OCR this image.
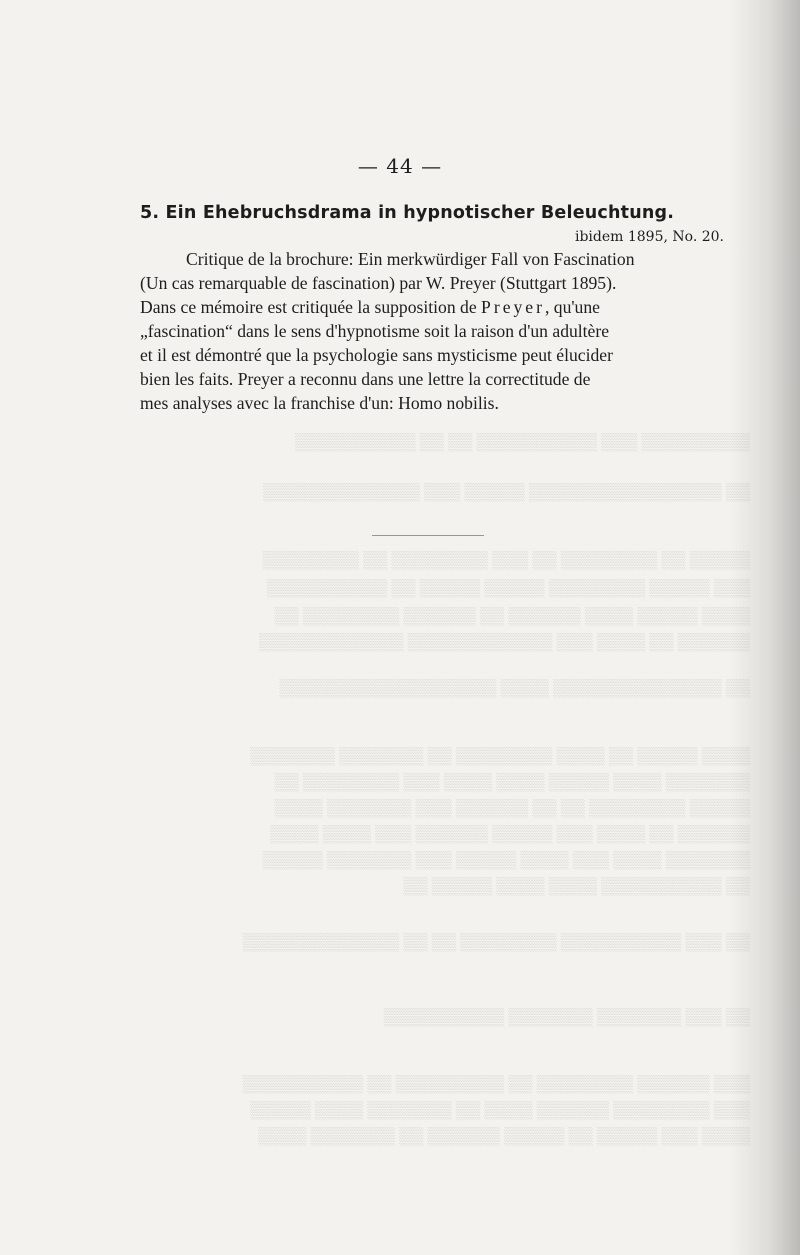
▒▒▒▒▒▒▒▒▒ ▒▒▒ ▒▒▒▒▒▒▒▒▒▒ ▒▒ ▒▒ ▒▒▒▒▒▒▒▒▒▒
▒▒ ▒▒▒▒▒▒▒▒▒▒▒▒▒▒▒▒ ▒▒▒▒▒ ▒▒▒ ▒▒▒▒▒▒▒▒▒▒▒▒▒
▒▒▒▒▒ ▒▒ ▒▒▒▒▒▒▒▒ ▒▒ ▒▒▒ ▒▒▒▒▒▒▒▒ ▒▒ ▒▒▒▒▒▒▒▒
▒▒▒ ▒▒▒▒▒ ▒▒▒▒▒▒▒▒ ▒▒▒▒▒ ▒▒▒▒▒ ▒▒ ▒▒▒▒▒▒▒▒▒▒
▒▒▒▒ ▒▒▒▒▒ ▒▒▒▒ ▒▒▒▒▒▒ ▒▒ ▒▒▒▒▒▒ ▒▒▒▒▒▒▒▒ ▒▒
▒▒▒▒▒▒ ▒▒ ▒▒▒▒ ▒▒▒ ▒▒▒▒▒▒▒▒▒▒▒▒ ▒▒▒▒▒▒▒▒▒▒▒▒
▒▒ ▒▒▒▒▒▒▒▒▒▒▒▒▒▒ ▒▒▒▒ ▒▒▒▒▒▒▒▒▒▒▒▒▒▒▒▒▒▒
▒▒▒▒ ▒▒▒▒▒ ▒▒ ▒▒▒▒ ▒▒▒▒▒▒▒▒ ▒▒ ▒▒▒▒▒▒▒ ▒▒▒▒▒▒▒
▒▒▒▒▒▒▒ ▒▒▒▒ ▒▒▒▒▒ ▒▒▒▒ ▒▒▒▒ ▒▒▒ ▒▒▒▒▒▒▒▒ ▒▒
▒▒▒▒▒ ▒▒▒▒▒▒▒▒ ▒▒ ▒▒ ▒▒▒▒▒▒ ▒▒▒ ▒▒▒▒▒▒▒ ▒▒▒▒
▒▒▒▒▒▒ ▒▒ ▒▒▒▒ ▒▒▒ ▒▒▒▒▒ ▒▒▒▒▒▒ ▒▒▒ ▒▒▒▒ ▒▒▒▒
▒▒▒▒▒▒▒ ▒▒▒▒ ▒▒▒ ▒▒▒▒ ▒▒▒▒▒ ▒▒▒ ▒▒▒▒▒▒▒ ▒▒▒▒▒
▒▒ ▒▒▒▒▒▒▒▒▒▒ ▒▒▒▒ ▒▒▒▒ ▒▒▒▒▒ ▒▒
▒▒ ▒▒▒ ▒▒▒▒▒▒▒▒▒▒ ▒▒▒▒▒▒▒▒ ▒▒ ▒▒ ▒▒▒▒▒▒▒▒▒▒▒▒▒
▒▒ ▒▒▒ ▒▒▒▒▒▒▒ ▒▒▒▒▒▒▒ ▒▒▒▒▒▒▒▒▒▒
▒▒▒ ▒▒▒▒▒▒ ▒▒▒▒▒▒▒▒ ▒▒ ▒▒▒▒▒▒▒▒▒ ▒▒ ▒▒▒▒▒▒▒▒▒▒
▒▒▒ ▒▒▒▒▒▒▒▒ ▒▒▒▒▒▒ ▒▒▒▒ ▒▒ ▒▒▒▒▒▒▒ ▒▒▒▒ ▒▒▒▒▒
▒▒▒▒ ▒▒▒ ▒▒▒▒▒ ▒▒ ▒▒▒▒▒ ▒▒▒▒▒▒ ▒▒ ▒▒▒▒▒▒▒ ▒▒▒▒
— 44 —
5. Ein Ehebruchsdrama in hypnotischer Beleuchtung.
ibidem 1895, No. 20.
Critique de la brochure: Ein merkwürdiger Fall von Fascination
(Un cas remarquable de fascination) par W. Preyer (Stuttgart 1895).
Dans ce mémoire est critiquée la supposition de Preyer, qu'une
„fascination“ dans le sens d'hypnotisme soit la raison d'un adultère
et il est démontré que la psychologie sans mysticisme peut élucider
bien les faits. Preyer a reconnu dans une lettre la correctitude de
mes analyses avec la franchise d'un: Homo nobilis.
